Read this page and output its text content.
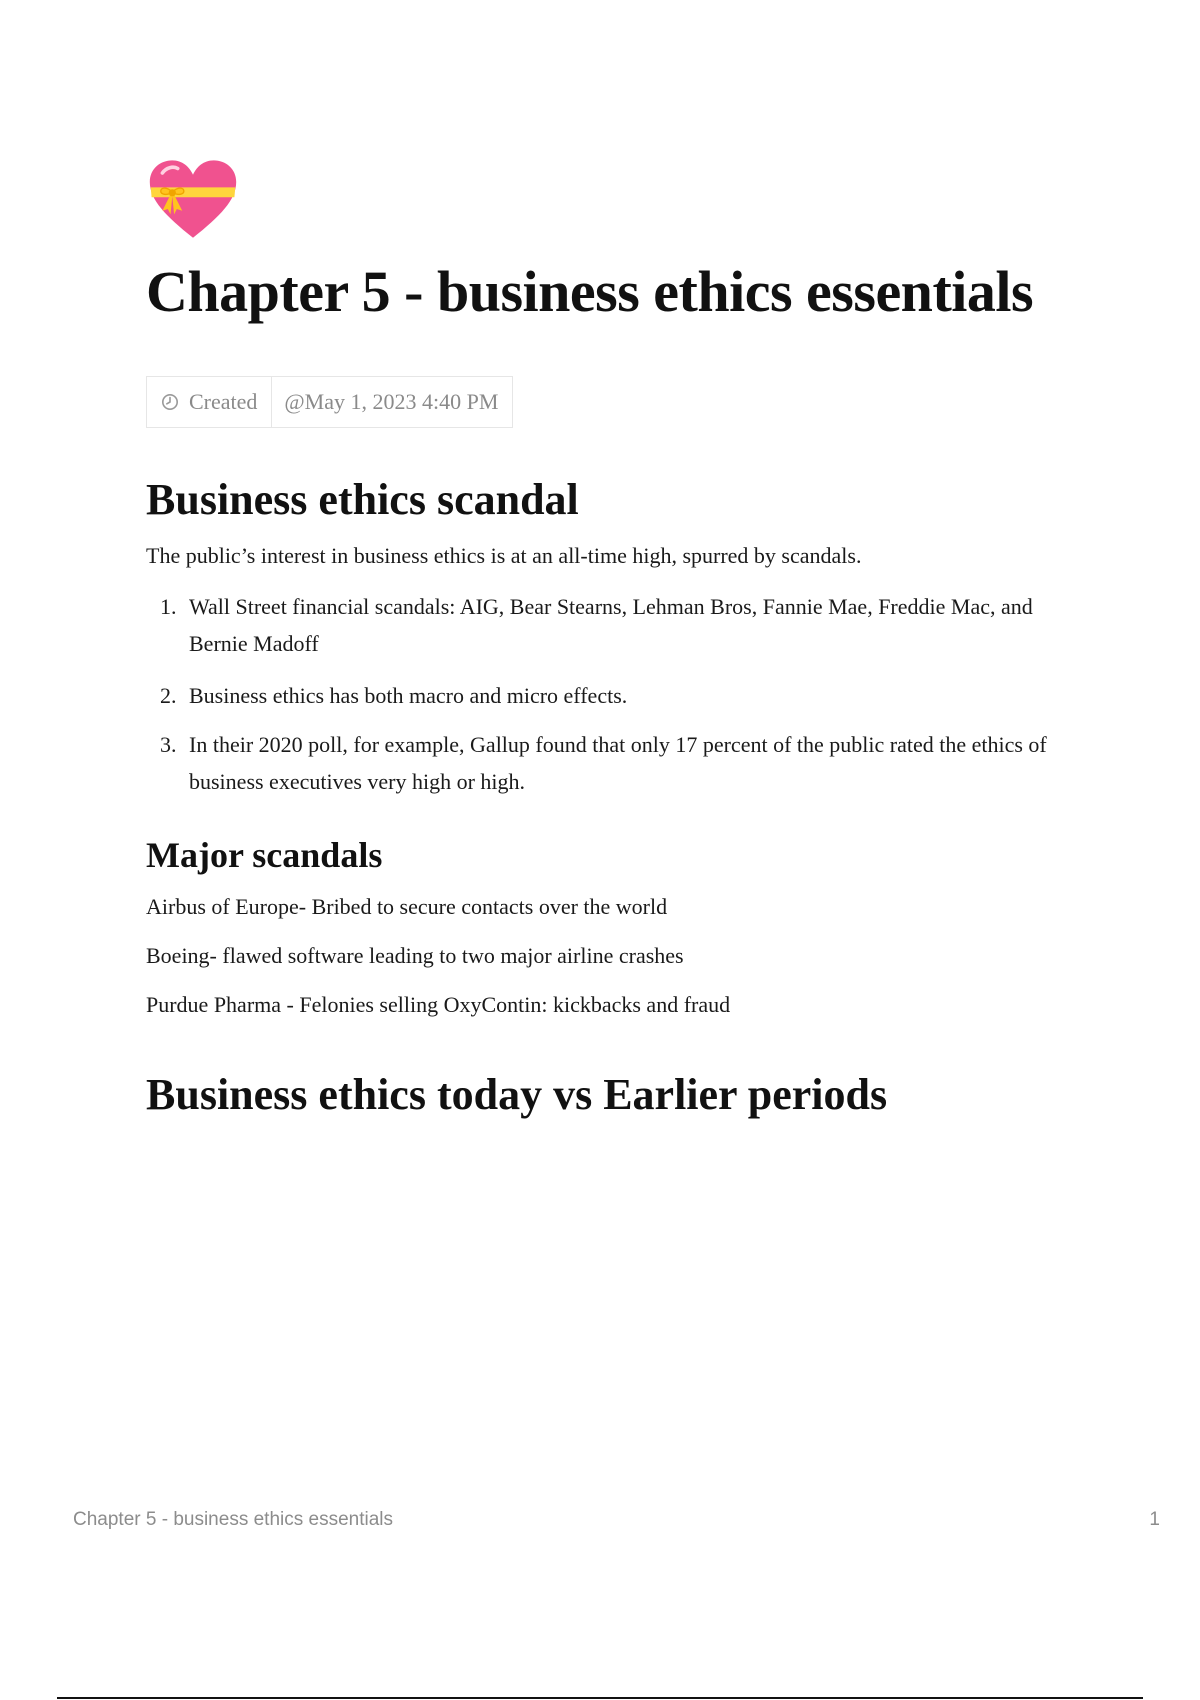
Chapter 5 - business ethics essentials
Created	@May 1, 2023 4:40 PM
Business ethics scandal

The public’s interest in business ethics is at an all-time high, spurred by scandals.

1. Wall Street financial scandals: AIG, Bear Stearns, Lehman Bros, Fannie Mae, Freddie Mac, and Bernie Madoff
2. Business ethics has both macro and micro effects.
3. In their 2020 poll, for example, Gallup found that only 17 percent of the public rated the ethics of business executives very high or high.
Major scandals

Airbus of Europe- Bribed to secure contacts over the world

Boeing- flawed software leading to two major airline crashes

Purdue Pharma - Felonies selling OxyContin: kickbacks and fraud

Business ethics today vs Earlier periods
Chapter 5 - business ethics essentials	1
